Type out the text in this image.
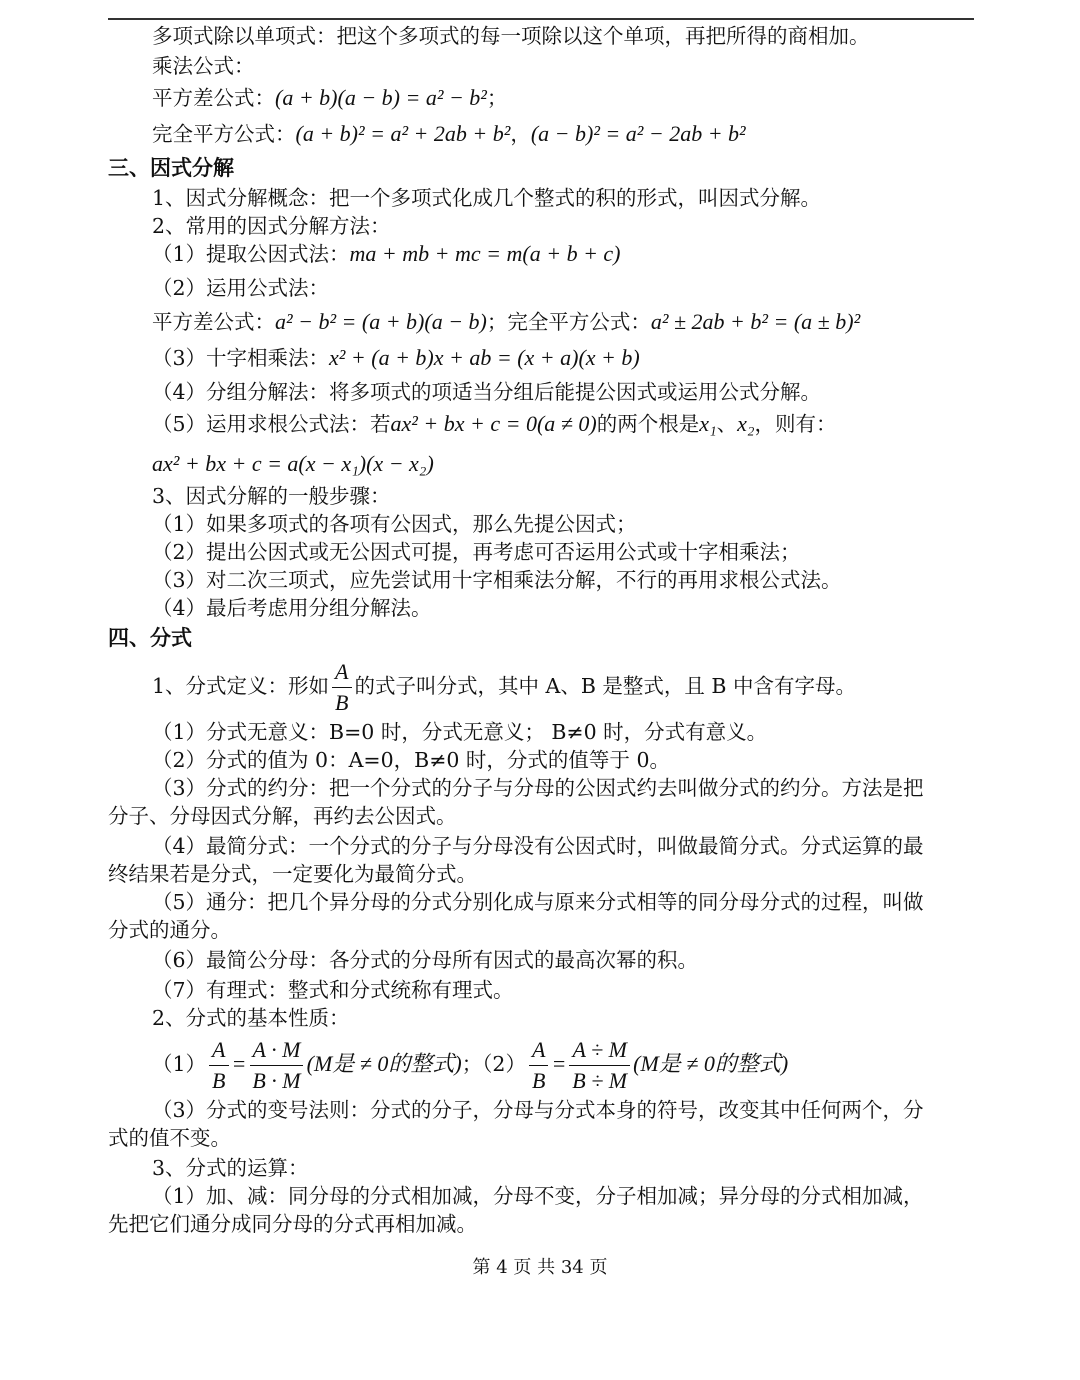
多项式除以单项式：把这个多项式的每一项除以这个单项，再把所得的商相加。
乘法公式：
平方差公式：(a + b)(a − b) = a² − b²；
完全平方公式：(a + b)² = a² + 2ab + b²，(a − b)² = a² − 2ab + b²
三、因式分解
1、因式分解概念：把一个多项式化成几个整式的积的形式，叫因式分解。
2、常用的因式分解方法：
（1）提取公因式法：ma + mb + mc = m(a + b + c)
（2）运用公式法：
平方差公式：a² − b² = (a + b)(a − b)；完全平方公式：a² ± 2ab + b² = (a ± b)²
（3）十字相乘法：x² + (a + b)x + ab = (x + a)(x + b)
（4）分组分解法：将多项式的项适当分组后能提公因式或运用公式分解。
（5）运用求根公式法：若ax² + bx + c = 0(a ≠ 0)的两个根是x₁、x₂，则有：
ax² + bx + c = a(x − x₁)(x − x₂)
3、因式分解的一般步骤：
（1）如果多项式的各项有公因式，那么先提公因式；
（2）提出公因式或无公因式可提，再考虑可否运用公式或十字相乘法；
（3）对二次三项式，应先尝试用十字相乘法分解，不行的再用求根公式法。
（4）最后考虑用分组分解法。
四、分式
1、分式定义：形如 $\frac{A}{B}$ 的式子叫分式，其中 A、B 是整式，且 B 中含有字母。
（1）分式无意义：B=0 时，分式无意义； B≠0 时，分式有意义。
（2）分式的值为 0：A=0，B≠0 时，分式的值等于 0。
（3）分式的约分：把一个分式的分子与分母的公因式约去叫做分式的约分。方法是把
分子、分母因式分解，再约去公因式。
（4）最简分式：一个分式的分子与分母没有公因式时，叫做最简分式。分式运算的最
终结果若是分式，一定要化为最简分式。
（5）通分：把几个异分母的分式分别化成与原来分式相等的同分母分式的过程，叫做
分式的通分。
（6）最简公分母：各分式的分母所有因式的最高次幂的积。
（7）有理式：整式和分式统称有理式。
2、分式的基本性质：
$(1) \frac{A}{B} = \frac{A \cdot M}{B \cdot M} (M$是 ≠ 0的整式)；$(2) \frac{A}{B} = \frac{A \div M}{B \div M} (M$是 ≠ 0的整式)
（3）分式的变号法则：分式的分子，分母与分式本身的符号，改变其中任何两个，分
式的值不变。
3、分式的运算：
（1）加、减：同分母的分式相加减，分母不变，分子相加减；异分母的分式相加减，
先把它们通分成同分母的分式再相加减。
第 4 页 共 34 页
